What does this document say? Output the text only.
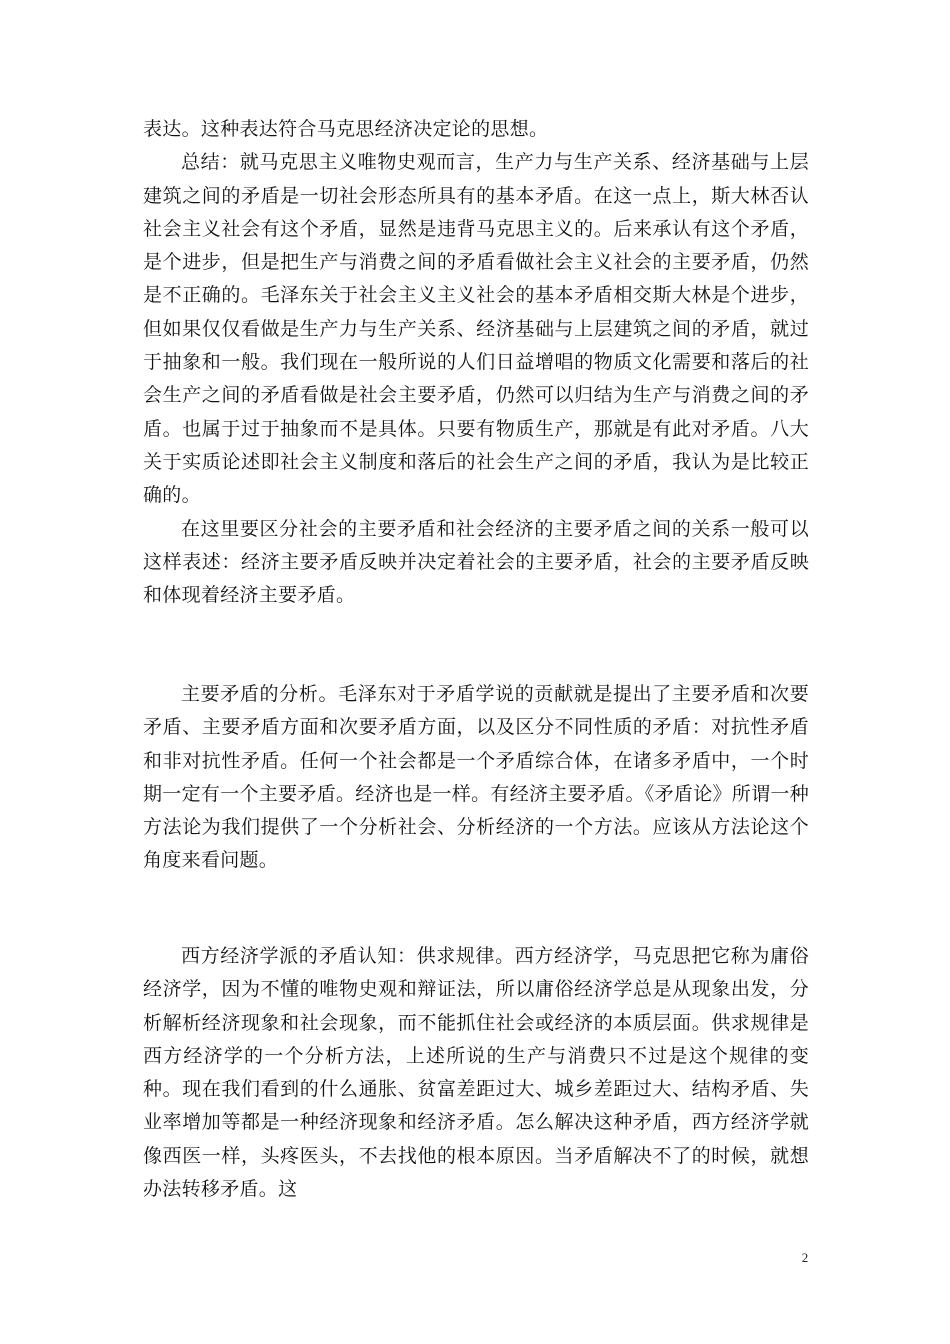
表达。这种表达符合马克思经济决定论的思想。

总结：就马克思主义唯物史观而言，生产力与生产关系、经济基础与上层建筑之间的矛盾是一切社会形态所具有的基本矛盾。在这一点上，斯大林否认社会主义社会有这个矛盾，显然是违背马克思主义的。后来承认有这个矛盾，是个进步，但是把生产与消费之间的矛盾看做社会主义社会的主要矛盾，仍然是不正确的。毛泽东关于社会主义主义社会的基本矛盾相交斯大林是个进步，但如果仅仅看做是生产力与生产关系、经济基础与上层建筑之间的矛盾，就过于抽象和一般。我们现在一般所说的人们日益增唱的物质文化需要和落后的社会生产之间的矛盾看做是社会主要矛盾，仍然可以归结为生产与消费之间的矛盾。也属于过于抽象而不是具体。只要有物质生产，那就是有此对矛盾。八大关于实质论述即社会主义制度和落后的社会生产之间的矛盾，我认为是比较正确的。

在这里要区分社会的主要矛盾和社会经济的主要矛盾之间的关系一般可以这样表述：经济主要矛盾反映并决定着社会的主要矛盾，社会的主要矛盾反映和体现着经济主要矛盾。

主要矛盾的分析。毛泽东对于矛盾学说的贡献就是提出了主要矛盾和次要矛盾、主要矛盾方面和次要矛盾方面，以及区分不同性质的矛盾：对抗性矛盾和非对抗性矛盾。任何一个社会都是一个矛盾综合体，在诸多矛盾中，一个时期一定有一个主要矛盾。经济也是一样。有经济主要矛盾。《矛盾论》所谓一种方法论为我们提供了一个分析社会、分析经济的一个方法。应该从方法论这个角度来看问题。

西方经济学派的矛盾认知：供求规律。西方经济学，马克思把它称为庸俗经济学，因为不懂的唯物史观和辩证法，所以庸俗经济学总是从现象出发，分析解析经济现象和社会现象，而不能抓住社会或经济的本质层面。供求规律是西方经济学的一个分析方法，上述所说的生产与消费只不过是这个规律的变种。现在我们看到的什么通胀、贫富差距过大、城乡差距过大、结构矛盾、失业率增加等都是一种经济现象和经济矛盾。怎么解决这种矛盾，西方经济学就像西医一样，头疼医头，不去找他的根本原因。当矛盾解决不了的时候，就想办法转移矛盾。这

2
